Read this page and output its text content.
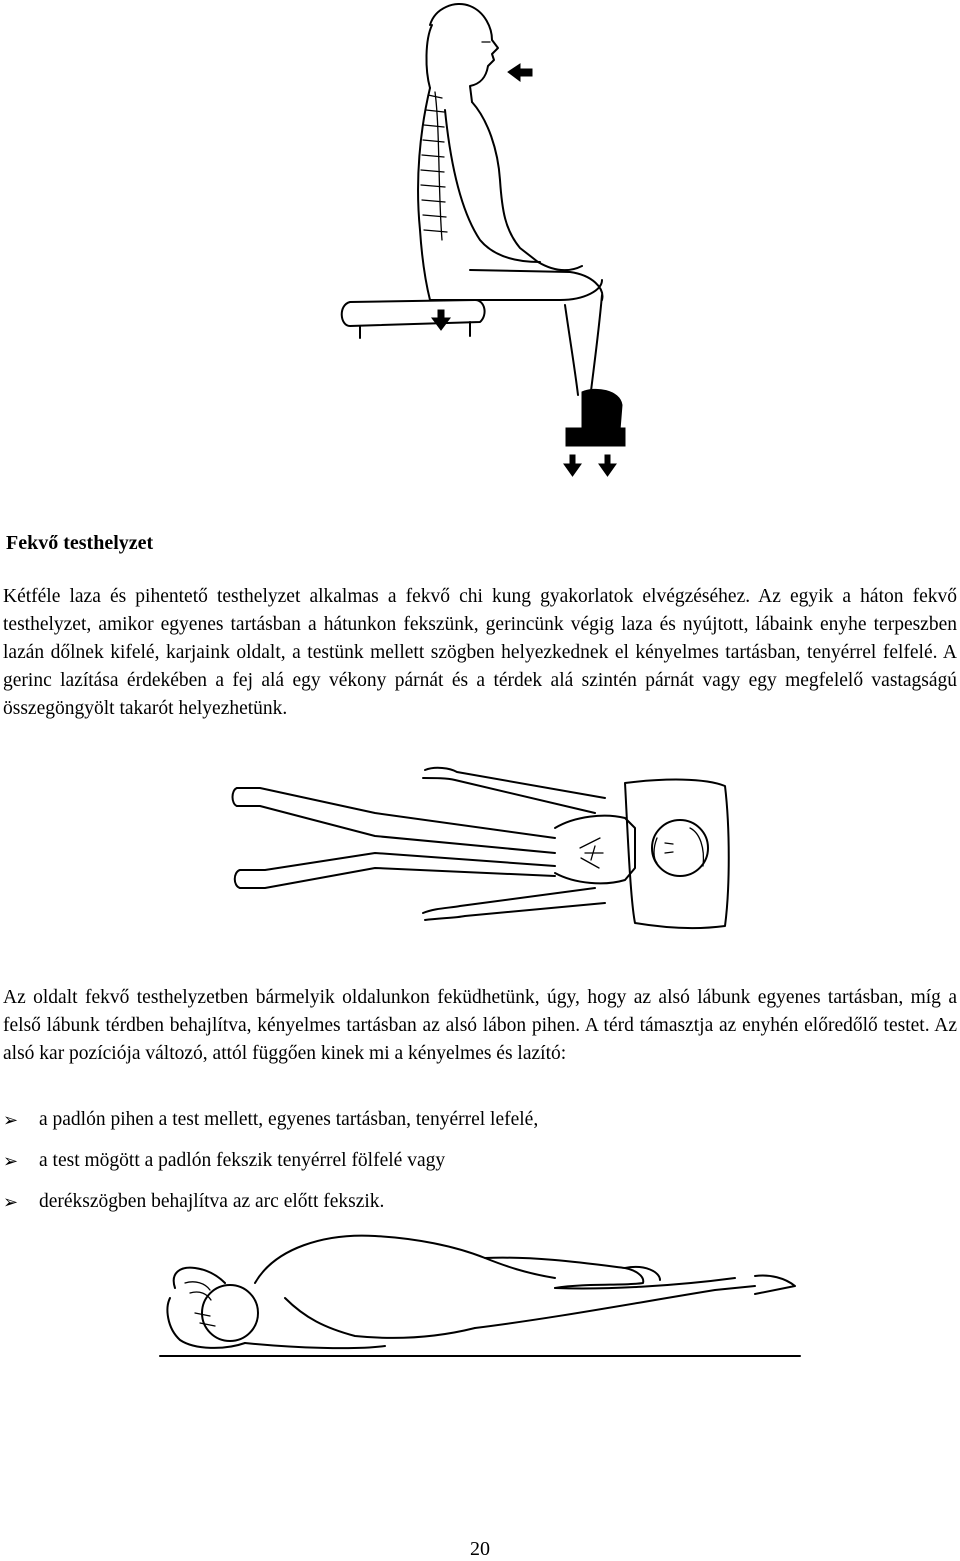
Fekvő testhelyzet

Kétféle laza és pihentető testhelyzet alkalmas a fekvő chi kung gyakorlatok elvégzéséhez. Az egyik a háton fekvő testhelyzet, amikor egyenes tartásban a hátunkon fekszünk, gerincünk végig laza és nyújtott, lábaink enyhe terpeszben lazán dőlnek kifelé, karjaink oldalt, a testünk mellett szögben helyezkednek el kényelmes tartásban, tenyérrel felfelé. A gerinc lazítása érdekében a fej alá egy vékony párnát és a térdek alá szintén párnát vagy egy megfelelő vastagságú összegöngyölt takarót helyezhetünk.

Az oldalt fekvő testhelyzetben bármelyik oldalunkon feküdhetünk, úgy, hogy az alsó lábunk egyenes tartásban, míg a felső lábunk térdben behajlítva, kényelmes tartásban az alsó lábon pihen. A térd támasztja az enyhén előredőlő testet. Az alsó kar pozíciója változó, attól függően kinek mi a kényelmes és lazító:

➢	a padlón pihen a test mellett, egyenes tartásban, tenyérrel lefelé,
➢	a test mögött a padlón fekszik tenyérrel fölfelé vagy
➢	derékszögben behajlítva az arc előtt fekszik.
20
